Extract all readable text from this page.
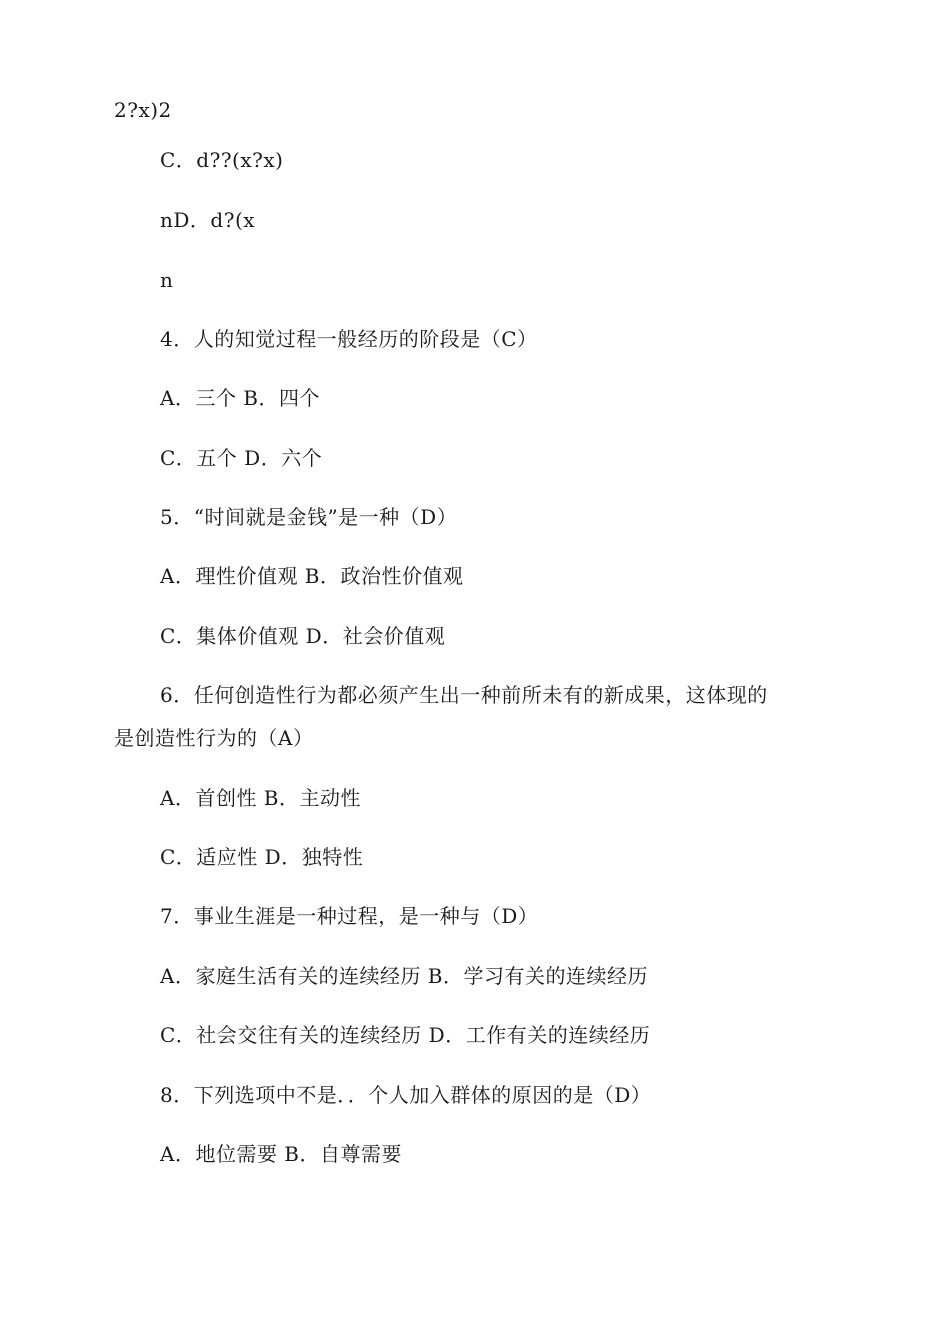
2?x)2
C．d??(x?x)
nD．d?(x
n
4．人的知觉过程一般经历的阶段是（C）
A．三个 B．四个
C．五个 D．六个
5．“时间就是金钱”是一种（D）
A．理性价值观 B．政治性价值观
C．集体价值观 D．社会价值观
6．任何创造性行为都必须产生出一种前所未有的新成果，这体现的
是创造性行为的（A）
A．首创性 B．主动性
C．适应性 D．独特性
7．事业生涯是一种过程，是一种与（D）
A．家庭生活有关的连续经历 B．学习有关的连续经历
C．社会交往有关的连续经历 D．工作有关的连续经历
8．下列选项中不是．．个人加入群体的原因的是（D）
A．地位需要 B．自尊需要
